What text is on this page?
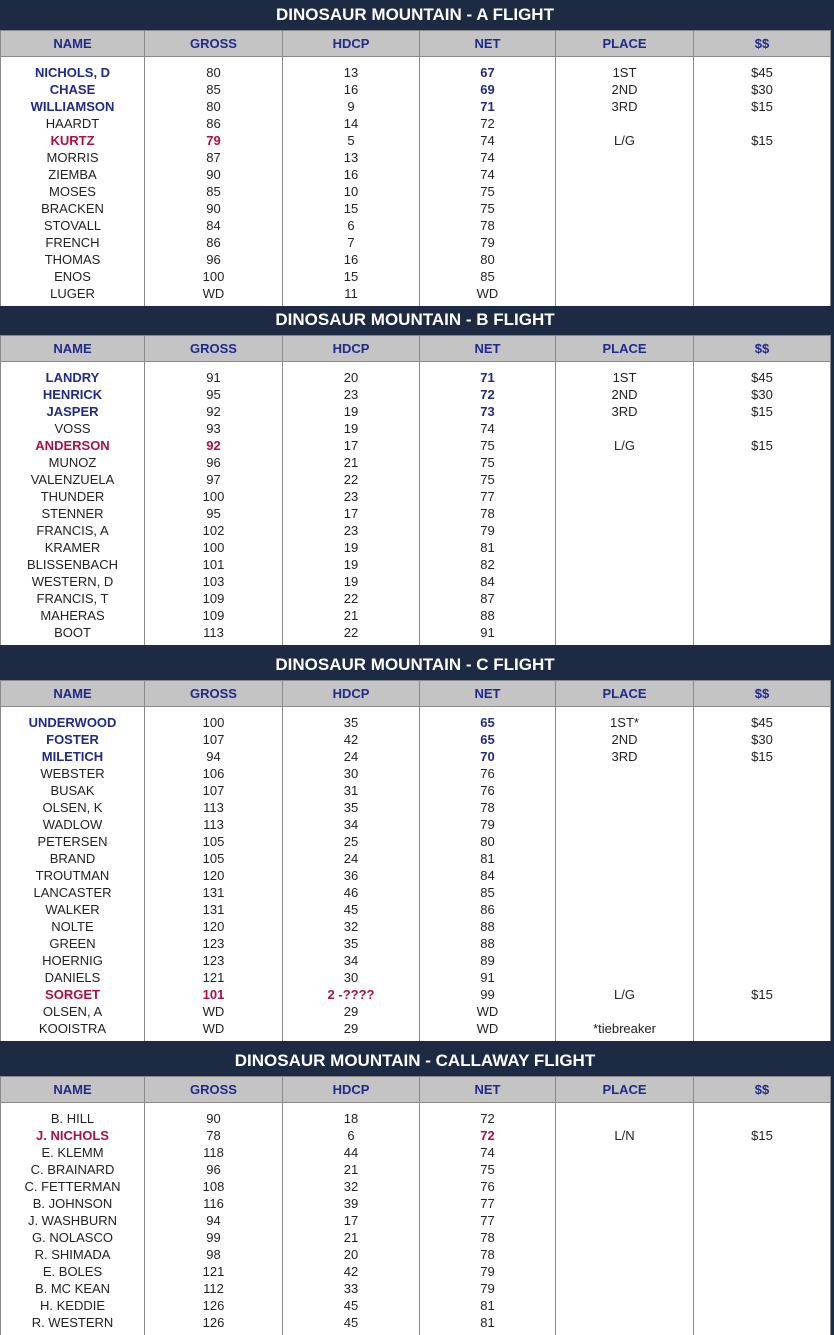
DINOSAUR MOUNTAIN - A FLIGHT
NAME	GROSS	HDCP	NET	PLACE	$$
NICHOLS, D	80	13	67	1ST	$45
CHASE	85	16	69	2ND	$30
WILLIAMSON	80	9	71	3RD	$15
HAARDT	86	14	72		
KURTZ	79	5	74	L/G	$15
MORRIS	87	13	74		
ZIEMBA	90	16	74		
MOSES	85	10	75		
BRACKEN	90	15	75		
STOVALL	84	6	78		
FRENCH	86	7	79		
THOMAS	96	16	80		
ENOS	100	15	85		
LUGER	WD	11	WD		
DINOSAUR MOUNTAIN - B FLIGHT
NAME	GROSS	HDCP	NET	PLACE	$$
LANDRY	91	20	71	1ST	$45
HENRICK	95	23	72	2ND	$30
JASPER	92	19	73	3RD	$15
VOSS	93	19	74		
ANDERSON	92	17	75	L/G	$15
MUNOZ	96	21	75		
VALENZUELA	97	22	75		
THUNDER	100	23	77		
STENNER	95	17	78		
FRANCIS, A	102	23	79		
KRAMER	100	19	81		
BLISSENBACH	101	19	82		
WESTERN, D	103	19	84		
FRANCIS, T	109	22	87		
MAHERAS	109	21	88		
BOOT	113	22	91		
DINOSAUR MOUNTAIN - C FLIGHT
NAME	GROSS	HDCP	NET	PLACE	$$
UNDERWOOD	100	35	65	1ST*	$45
FOSTER	107	42	65	2ND	$30
MILETICH	94	24	70	3RD	$15
WEBSTER	106	30	76		
BUSAK	107	31	76		
OLSEN, K	113	35	78		
WADLOW	113	34	79		
PETERSEN	105	25	80		
BRAND	105	24	81		
TROUTMAN	120	36	84		
LANCASTER	131	46	85		
WALKER	131	45	86		
NOLTE	120	32	88		
GREEN	123	35	88		
HOERNIG	123	34	89		
DANIELS	121	30	91		
SORGET	101	2 -????	99	L/G	$15
OLSEN, A	WD	29	WD		
KOOISTRA	WD	29	WD	*tiebreaker	
DINOSAUR MOUNTAIN - CALLAWAY FLIGHT
NAME	GROSS	HDCP	NET	PLACE	$$
B. HILL	90	18	72		
J. NICHOLS	78	6	72	L/N	$15
E. KLEMM	118	44	74		
C. BRAINARD	96	21	75		
C. FETTERMAN	108	32	76		
B. JOHNSON	116	39	77		
J. WASHBURN	94	17	77		
G. NOLASCO	99	21	78		
R. SHIMADA	98	20	78		
E. BOLES	121	42	79		
B. MC KEAN	112	33	79		
H. KEDDIE	126	45	81		
R. WESTERN	126	45	81		
